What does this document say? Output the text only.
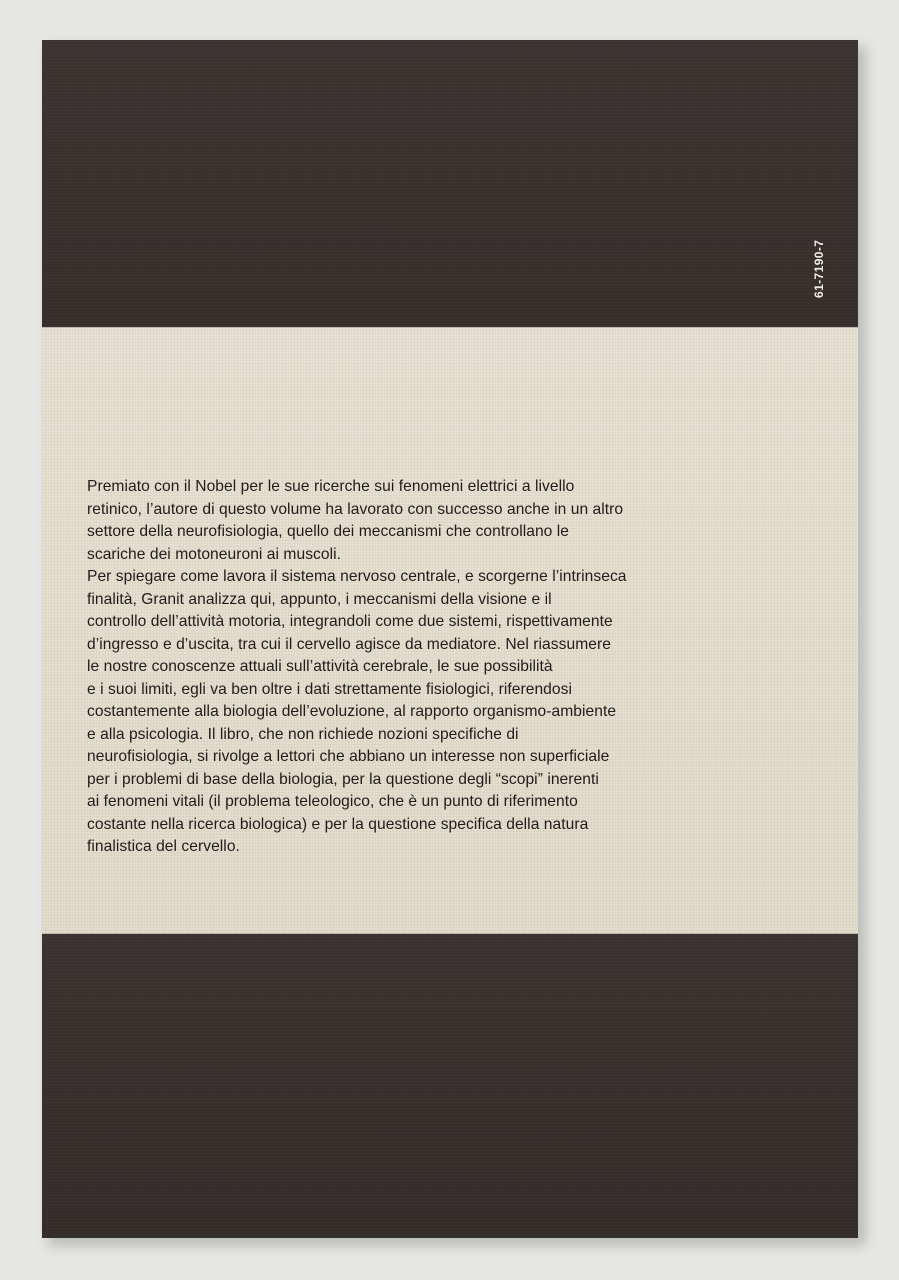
61-7190-7
Premiato con il Nobel per le sue ricerche sui fenomeni elettrici a livello
retinico, l’autore di questo volume ha lavorato con successo anche in un altro
settore della neurofisiologia, quello dei meccanismi che controllano le
scariche dei motoneuroni ai muscoli.
Per spiegare come lavora il sistema nervoso centrale, e scorgerne l’intrinseca
finalità, Granit analizza qui, appunto, i meccanismi della visione e il
controllo dell’attività motoria, integrandoli come due sistemi, rispettivamente
d’ingresso e d’uscita, tra cui il cervello agisce da mediatore. Nel riassumere
le nostre conoscenze attuali sull’attività cerebrale, le sue possibilità
e i suoi limiti, egli va ben oltre i dati strettamente fisiologici, riferendosi
costantemente alla biologia dell’evoluzione, al rapporto organismo-ambiente
e alla psicologia. Il libro, che non richiede nozioni specifiche di
neurofisiologia, si rivolge a lettori che abbiano un interesse non superficiale
per i problemi di base della biologia, per la questione degli “scopi” inerenti
ai fenomeni vitali (il problema teleologico, che è un punto di riferimento
costante nella ricerca biologica) e per la questione specifica della natura
finalistica del cervello.
